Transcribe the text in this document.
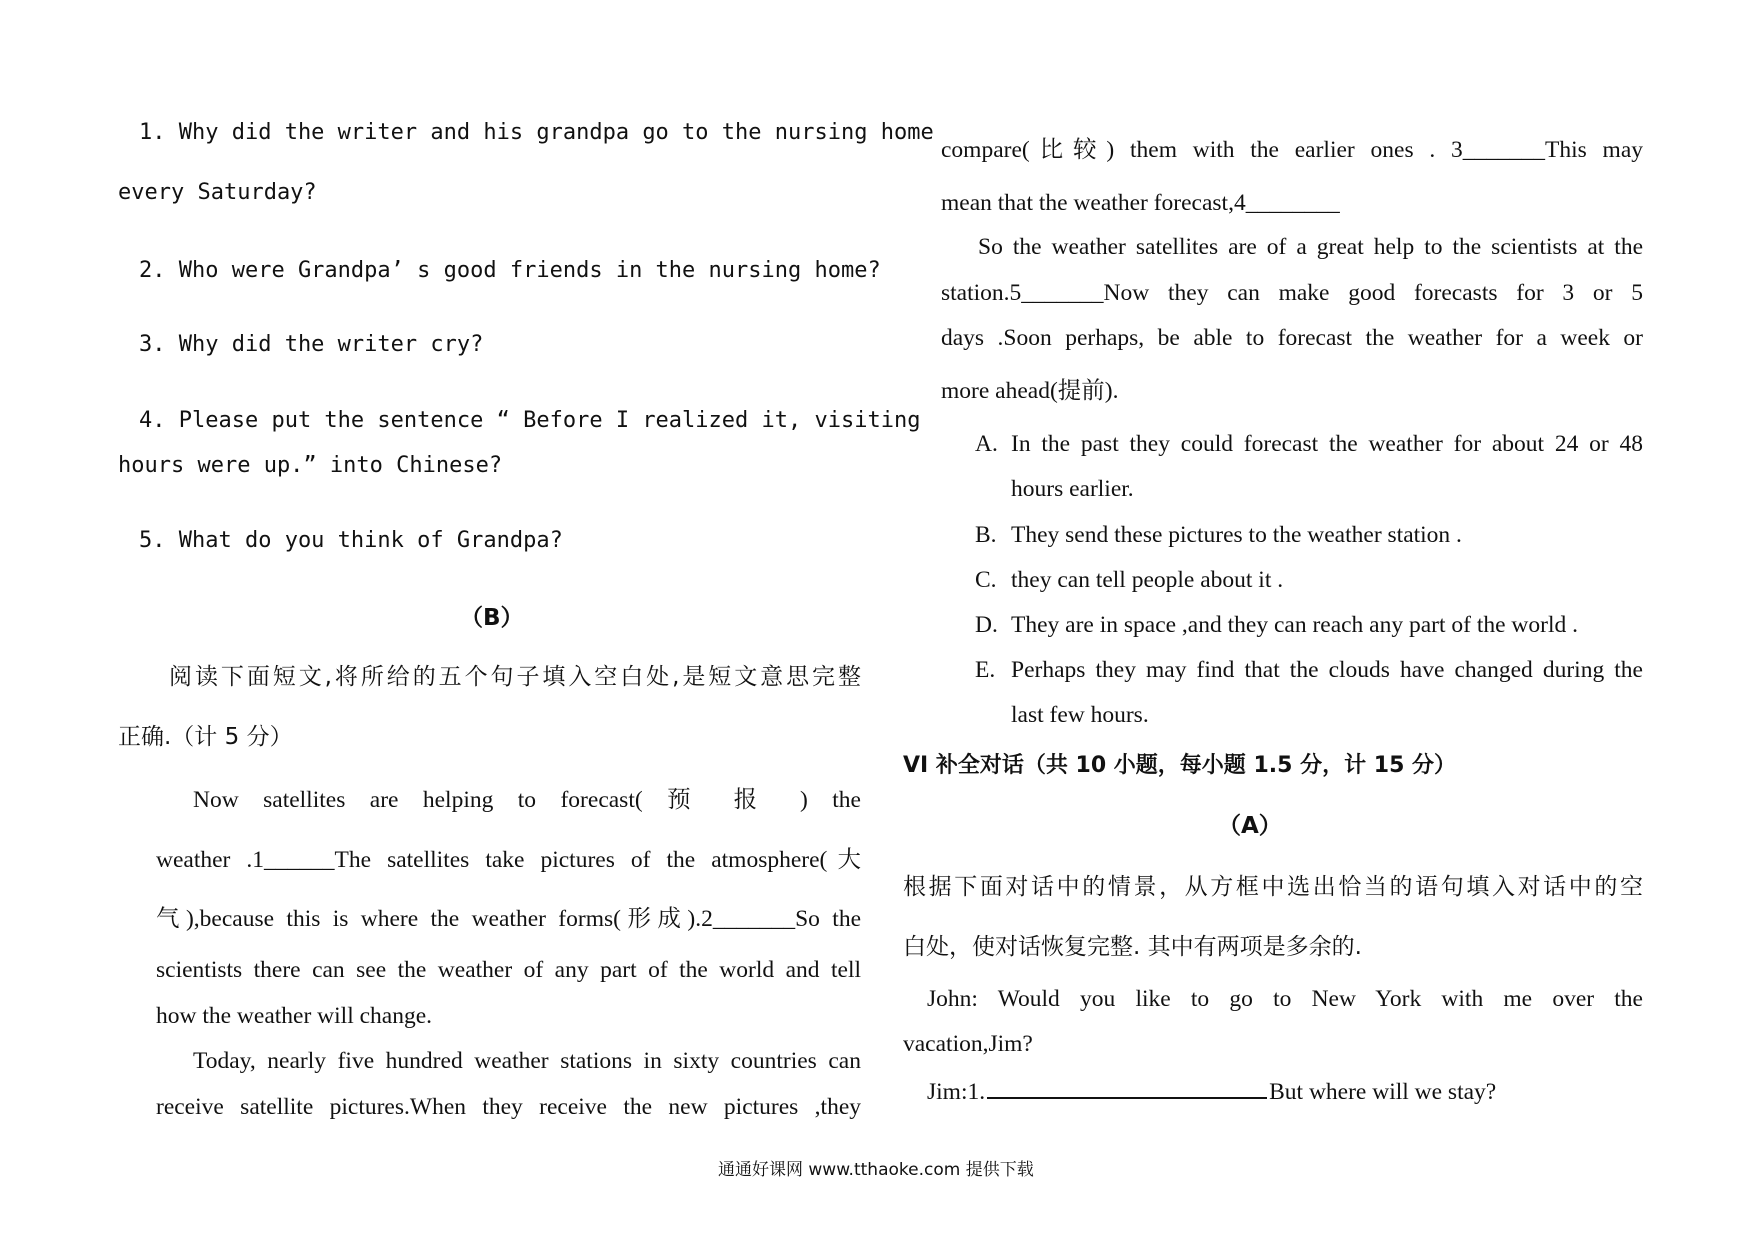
1. Why did the writer and his grandpa go to the nursing home
every Saturday?
2. Who were Grandpa’ s good friends in the nursing home?
3. Why did the writer cry?
4. Please put the sentence “ Before I realized it, visiting
hours were up.” into Chinese?
5. What do you think of Grandpa?
（B）
阅读下面短文,将所给的五个句子填入空白处,是短文意思完整
正确.（计 5 分）
Now satellites are helping to forecast( 预 报 ) the
weather .1______The satellites take pictures of the atmosphere(大
气),because this is where the weather forms(形成).2_______So the
scientists there can see the weather of any part of the world and tell
how the weather will change.
Today, nearly five hundred weather stations in sixty countries can
receive satellite pictures.When they receive the new pictures ,they
compare(比较) them with the earlier ones . 3_______This may
mean that the weather forecast,4________
So the weather satellites are of a great help to the scientists at the
station.5_______Now they can make good forecasts for 3 or 5
days .Soon perhaps, be able to forecast the weather for a week or
more ahead(提前).
A. In the past they could forecast the weather for about 24 or 48
hours earlier.
B. They send these pictures to the weather station .
C. they can tell people about it .
D. They are in space ,and they can reach any part of the world .
E. Perhaps they may find that the clouds have changed during the
last few hours.
VI 补全对话（共 10 小题，每小题 1.5 分，计 15 分）
（A）
根据下面对话中的情景，从方框中选出恰当的语句填入对话中的空
白处，使对话恢复完整. 其中有两项是多余的.
John: Would you like to go to New York with me over the
vacation,Jim?
Jim:1.	But where will we stay?
通通好课网 www.tthaoke.com 提供下载
